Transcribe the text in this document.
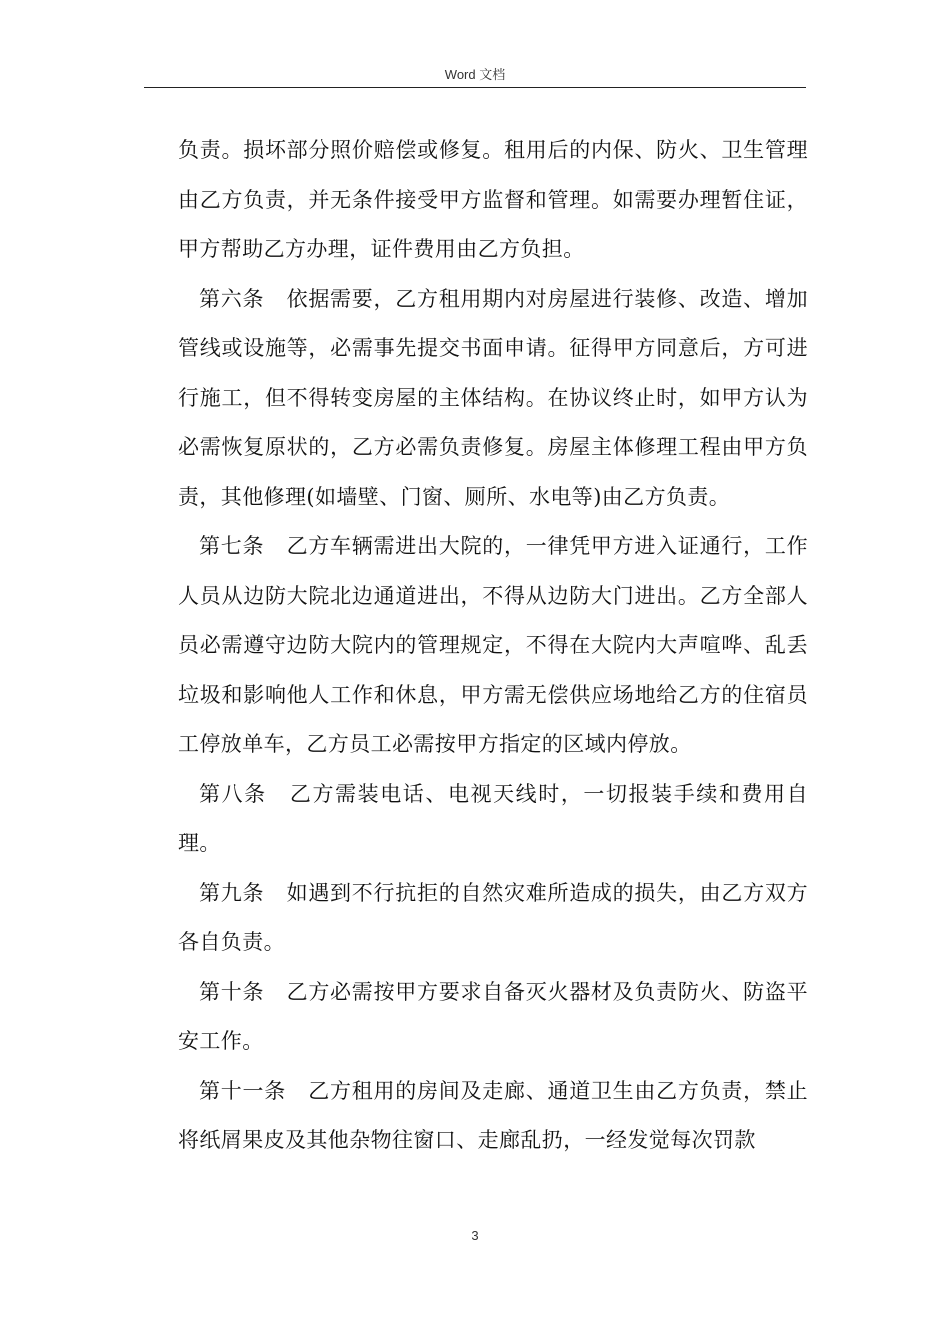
Word 文档

负责。损坏部分照价赔偿或修复。租用后的内保、防火、卫生管理由乙方负责，并无条件接受甲方监督和管理。如需要办理暂住证，甲方帮助乙方办理，证件费用由乙方负担。

第六条 依据需要，乙方租用期内对房屋进行装修、改造、增加管线或设施等，必需事先提交书面申请。征得甲方同意后，方可进行施工，但不得转变房屋的主体结构。在协议终止时，如甲方认为必需恢复原状的，乙方必需负责修复。房屋主体修理工程由甲方负责，其他修理(如墙壁、门窗、厕所、水电等)由乙方负责。

第七条 乙方车辆需进出大院的，一律凭甲方进入证通行，工作人员从边防大院北边通道进出，不得从边防大门进出。乙方全部人员必需遵守边防大院内的管理规定，不得在大院内大声喧哗、乱丢垃圾和影响他人工作和休息，甲方需无偿供应场地给乙方的住宿员工停放单车，乙方员工必需按甲方指定的区域内停放。

第八条 乙方需装电话、电视天线时，一切报装手续和费用自理。

第九条 如遇到不行抗拒的自然灾难所造成的损失，由乙方双方各自负责。

第十条 乙方必需按甲方要求自备灭火器材及负责防火、防盗平安工作。

第十一条 乙方租用的房间及走廊、通道卫生由乙方负责，禁止将纸屑果皮及其他杂物往窗口、走廊乱扔，一经发觉每次罚款

3
